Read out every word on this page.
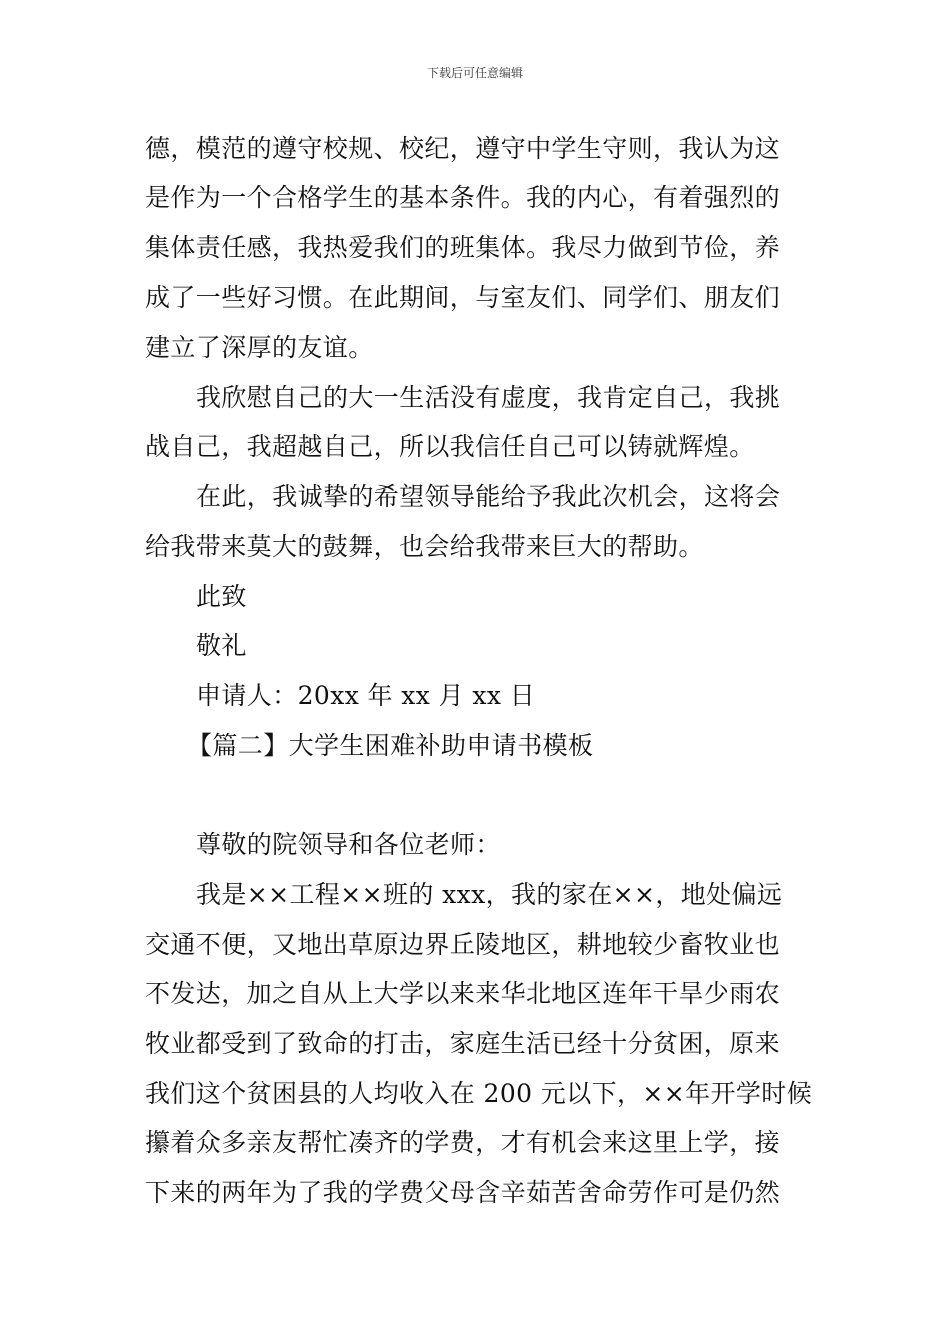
下载后可任意编辑
德，模范的遵守校规、校纪，遵守中学生守则，我认为这
是作为一个合格学生的基本条件。我的内心，有着强烈的
集体责任感，我热爱我们的班集体。我尽力做到节俭，养
成了一些好习惯。在此期间，与室友们、同学们、朋友们
建立了深厚的友谊。
我欣慰自己的大一生活没有虚度，我肯定自己，我挑
战自己，我超越自己，所以我信任自己可以铸就辉煌。
在此，我诚挚的希望领导能给予我此次机会，这将会
给我带来莫大的鼓舞，也会给我带来巨大的帮助。
此致
敬礼
申请人：20xx 年 xx 月 xx 日
【篇二】大学生困难补助申请书模板
尊敬的院领导和各位老师：
我是××工程××班的 xxx，我的家在××，地处偏远
交通不便，又地出草原边界丘陵地区，耕地较少畜牧业也
不发达，加之自从上大学以来来华北地区连年干旱少雨农
牧业都受到了致命的打击，家庭生活已经十分贫困，原来
我们这个贫困县的人均收入在 200 元以下，××年开学时候
攥着众多亲友帮忙凑齐的学费，才有机会来这里上学，接
下来的两年为了我的学费父母含辛茹苦舍命劳作可是仍然
